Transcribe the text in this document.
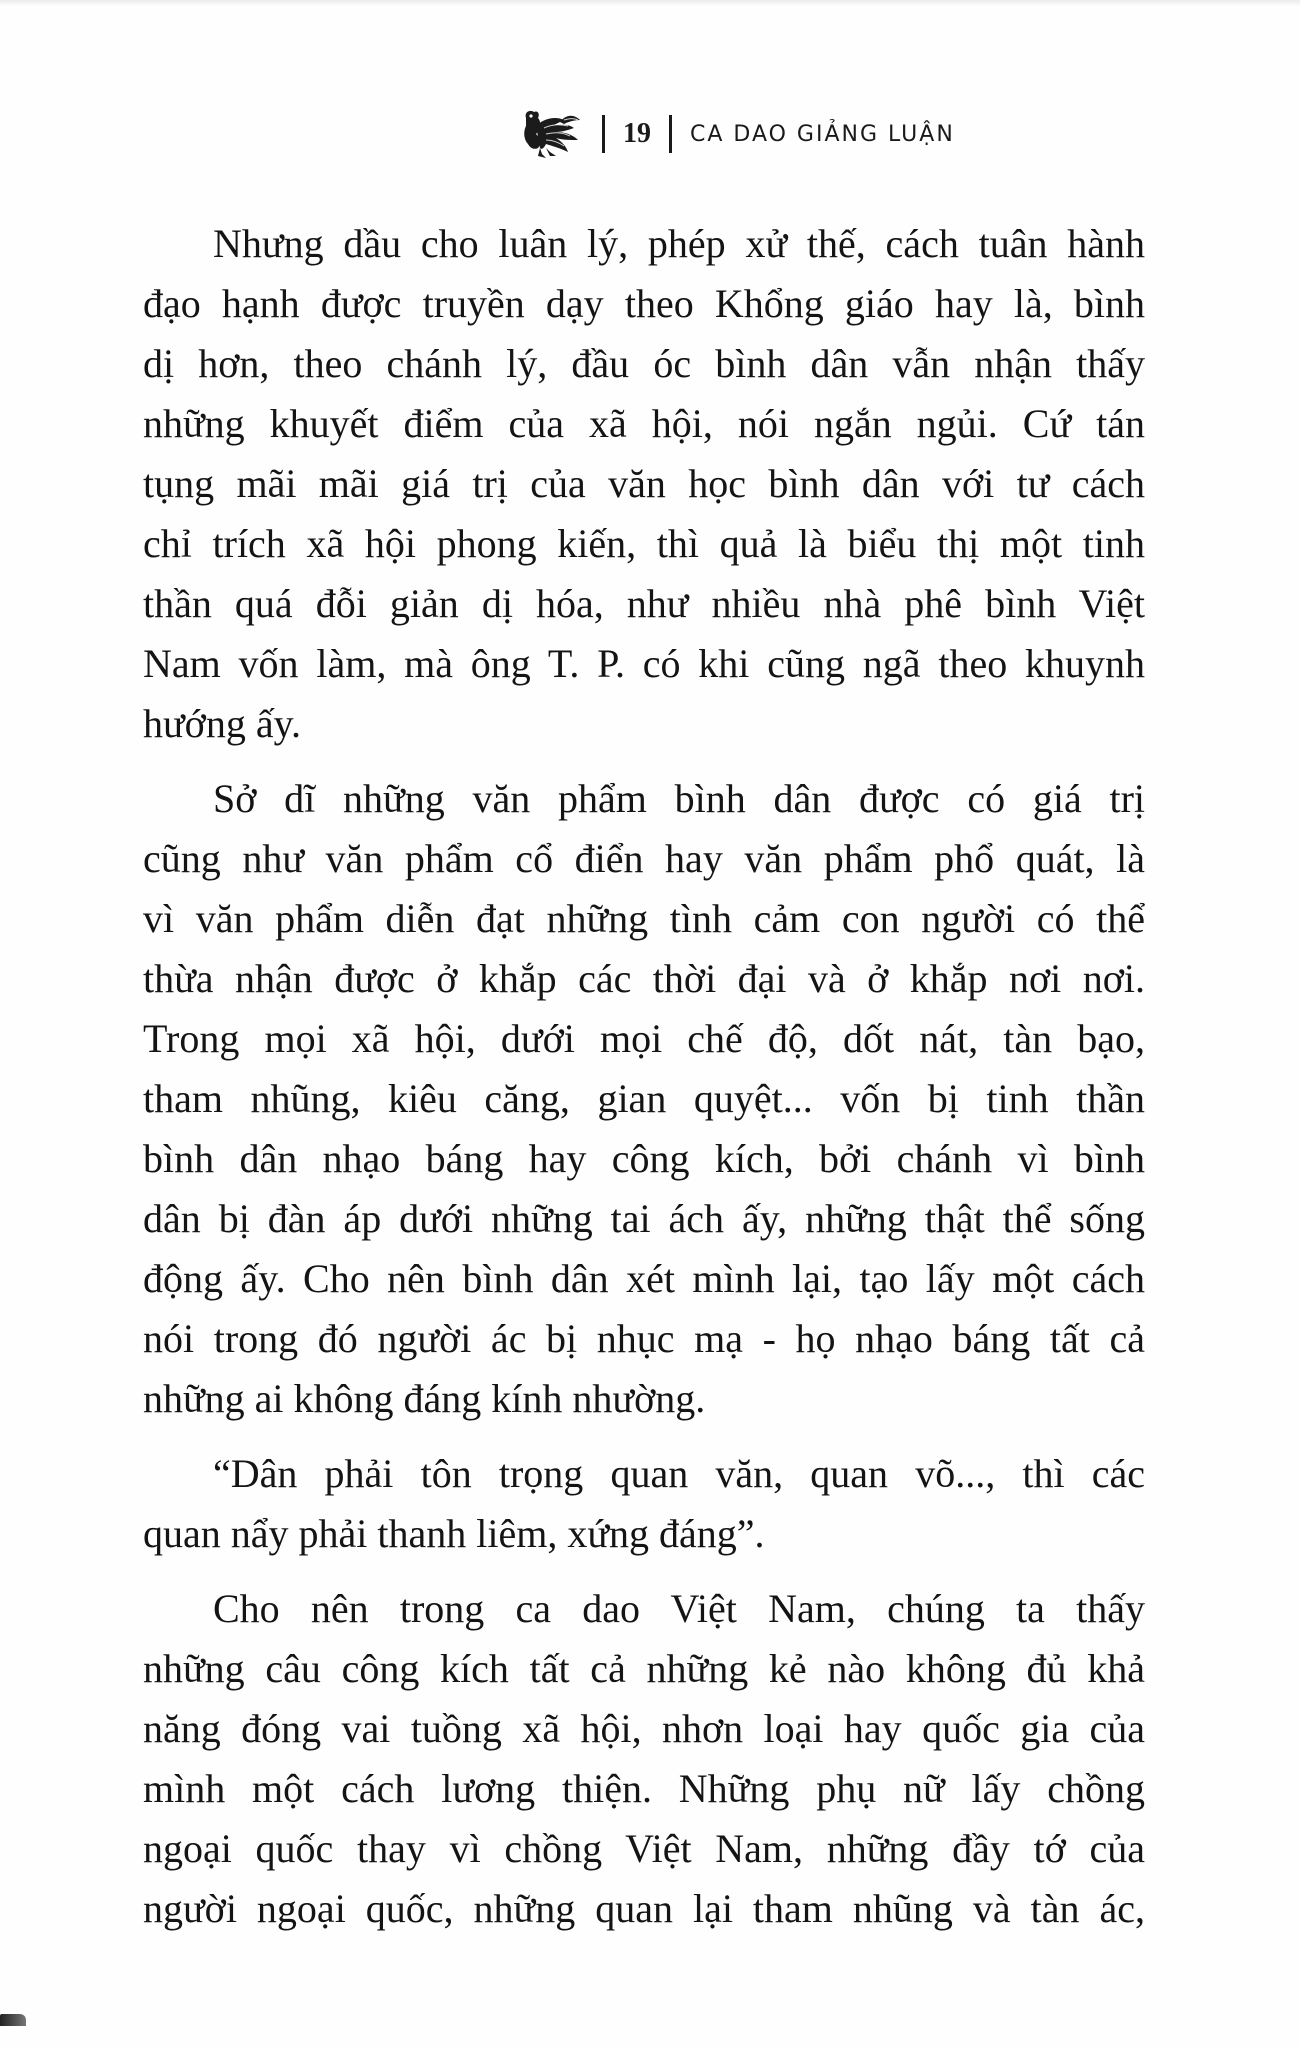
19 CA DAO GIẢNG LUẬN
Nhưng dầu cho luân lý, phép xử thế, cách tuân hành
đạo hạnh được truyền dạy theo Khổng giáo hay là, bình
dị hơn, theo chánh lý, đầu óc bình dân vẫn nhận thấy
những khuyết điểm của xã hội, nói ngắn ngủi. Cứ tán
tụng mãi mãi giá trị của văn học bình dân với tư cách
chỉ trích xã hội phong kiến, thì quả là biểu thị một tinh
thần quá đỗi giản dị hóa, như nhiều nhà phê bình Việt
Nam vốn làm, mà ông T. P. có khi cũng ngã theo khuynh
hướng ấy.
Sở dĩ những văn phẩm bình dân được có giá trị
cũng như văn phẩm cổ điển hay văn phẩm phổ quát, là
vì văn phẩm diễn đạt những tình cảm con người có thể
thừa nhận được ở khắp các thời đại và ở khắp nơi nơi.
Trong mọi xã hội, dưới mọi chế độ, dốt nát, tàn bạo,
tham nhũng, kiêu căng, gian quyệt... vốn bị tinh thần
bình dân nhạo báng hay công kích, bởi chánh vì bình
dân bị đàn áp dưới những tai ách ấy, những thật thể sống
động ấy. Cho nên bình dân xét mình lại, tạo lấy một cách
nói trong đó người ác bị nhục mạ - họ nhạo báng tất cả
những ai không đáng kính nhường.
“Dân phải tôn trọng quan văn, quan võ..., thì các
quan nẩy phải thanh liêm, xứng đáng”.
Cho nên trong ca dao Việt Nam, chúng ta thấy
những câu công kích tất cả những kẻ nào không đủ khả
năng đóng vai tuồng xã hội, nhơn loại hay quốc gia của
mình một cách lương thiện. Những phụ nữ lấy chồng
ngoại quốc thay vì chồng Việt Nam, những đầy tớ của
người ngoại quốc, những quan lại tham nhũng và tàn ác,
